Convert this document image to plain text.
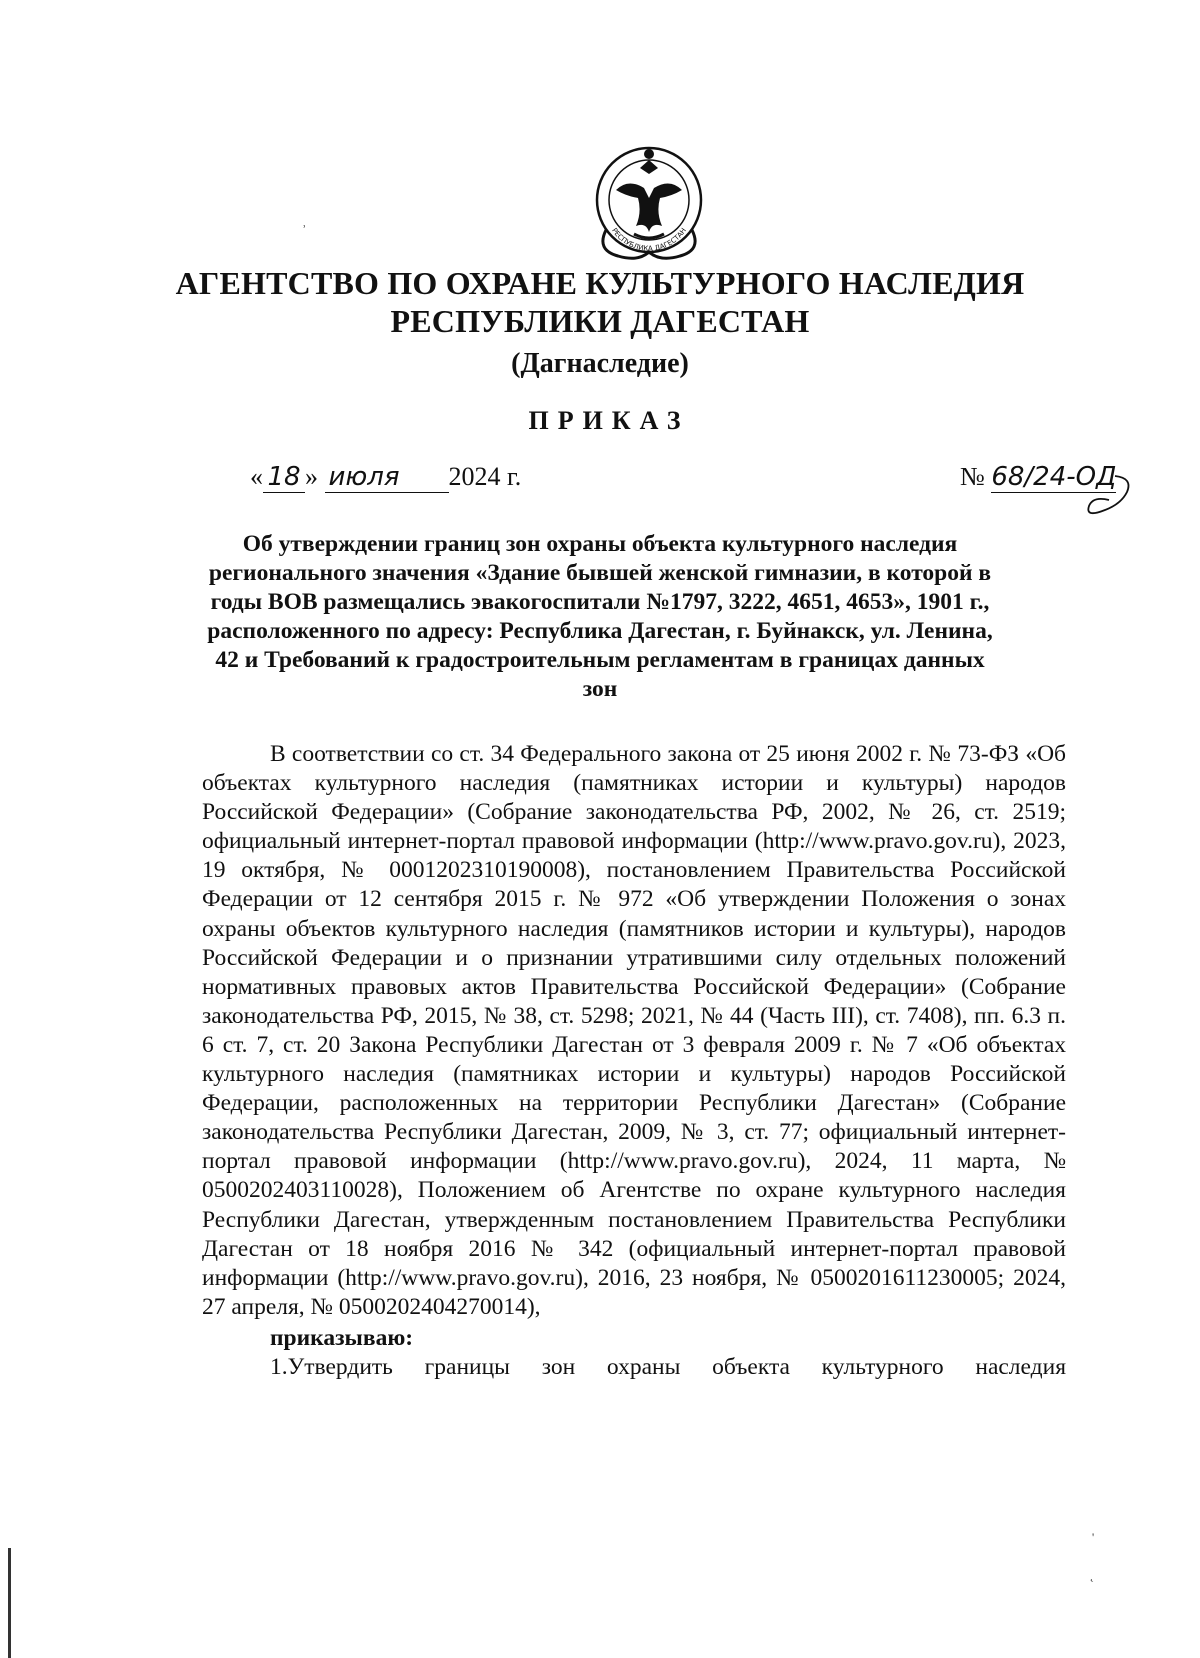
РЕСПУБЛИКА ДАГЕСТАН
ʾ
АГЕНТСТВО ПО ОХРАНЕ КУЛЬТУРНОГО НАСЛЕДИЯ
РЕСПУБЛИКИ ДАГЕСТАН
(Дагнаследие)
ПРИКАЗ
« 18 » июля 2024 г.	№ 68/24-ОД
Об утверждении границ зон охраны объекта культурного наследия регионального значения «Здание бывшей женской гимназии, в которой в годы ВОВ размещались эвакогоспитали №1797, 3222, 4651, 4653», 1901 г., расположенного по адресу: Республика Дагестан, г. Буйнакск, ул. Ленина, 42 и Требований к градостроительным регламентам в границах данных зон

В соответствии со ст. 34 Федерального закона от 25 июня 2002 г. № 73-ФЗ «Об объектах культурного наследия (памятниках истории и культуры) народов Российской Федерации» (Собрание законодательства РФ, 2002, № 26, ст. 2519; официальный интернет-портал правовой информации (http://www.pravo.gov.ru), 2023, 19 октября, № 0001202310190008), постановлением Правительства Российской Федерации от 12 сентября 2015 г. № 972 «Об утверждении Положения о зонах охраны объектов культурного наследия (памятников истории и культуры), народов Российской Федерации и о признании утратившими силу отдельных положений нормативных правовых актов Правительства Российской Федерации» (Собрание законодательства РФ, 2015, № 38, ст. 5298; 2021, № 44 (Часть III), ст. 7408), пп. 6.3 п. 6 ст. 7, ст. 20 Закона Республики Дагестан от 3 февраля 2009 г. № 7 «Об объектах культурного наследия (памятниках истории и культуры) народов Российской Федерации, расположенных на территории Республики Дагестан» (Собрание законодательства Республики Дагестан, 2009, № 3, ст. 77; официальный интернет-портал правовой информации (http://www.pravo.gov.ru), 2024, 11 марта, № 0500202403110028), Положением об Агентстве по охране культурного наследия Республики Дагестан, утвержденным постановлением Правительства Республики Дагестан от 18 ноября 2016 № 342 (официальный интернет-портал правовой информации (http://www.pravo.gov.ru), 2016, 23 ноября, № 0500201611230005; 2024, 27 апреля, № 0500202404270014),

приказываю:

1.Утвердить границы зон охраны объекта культурного наследия

'
˛
